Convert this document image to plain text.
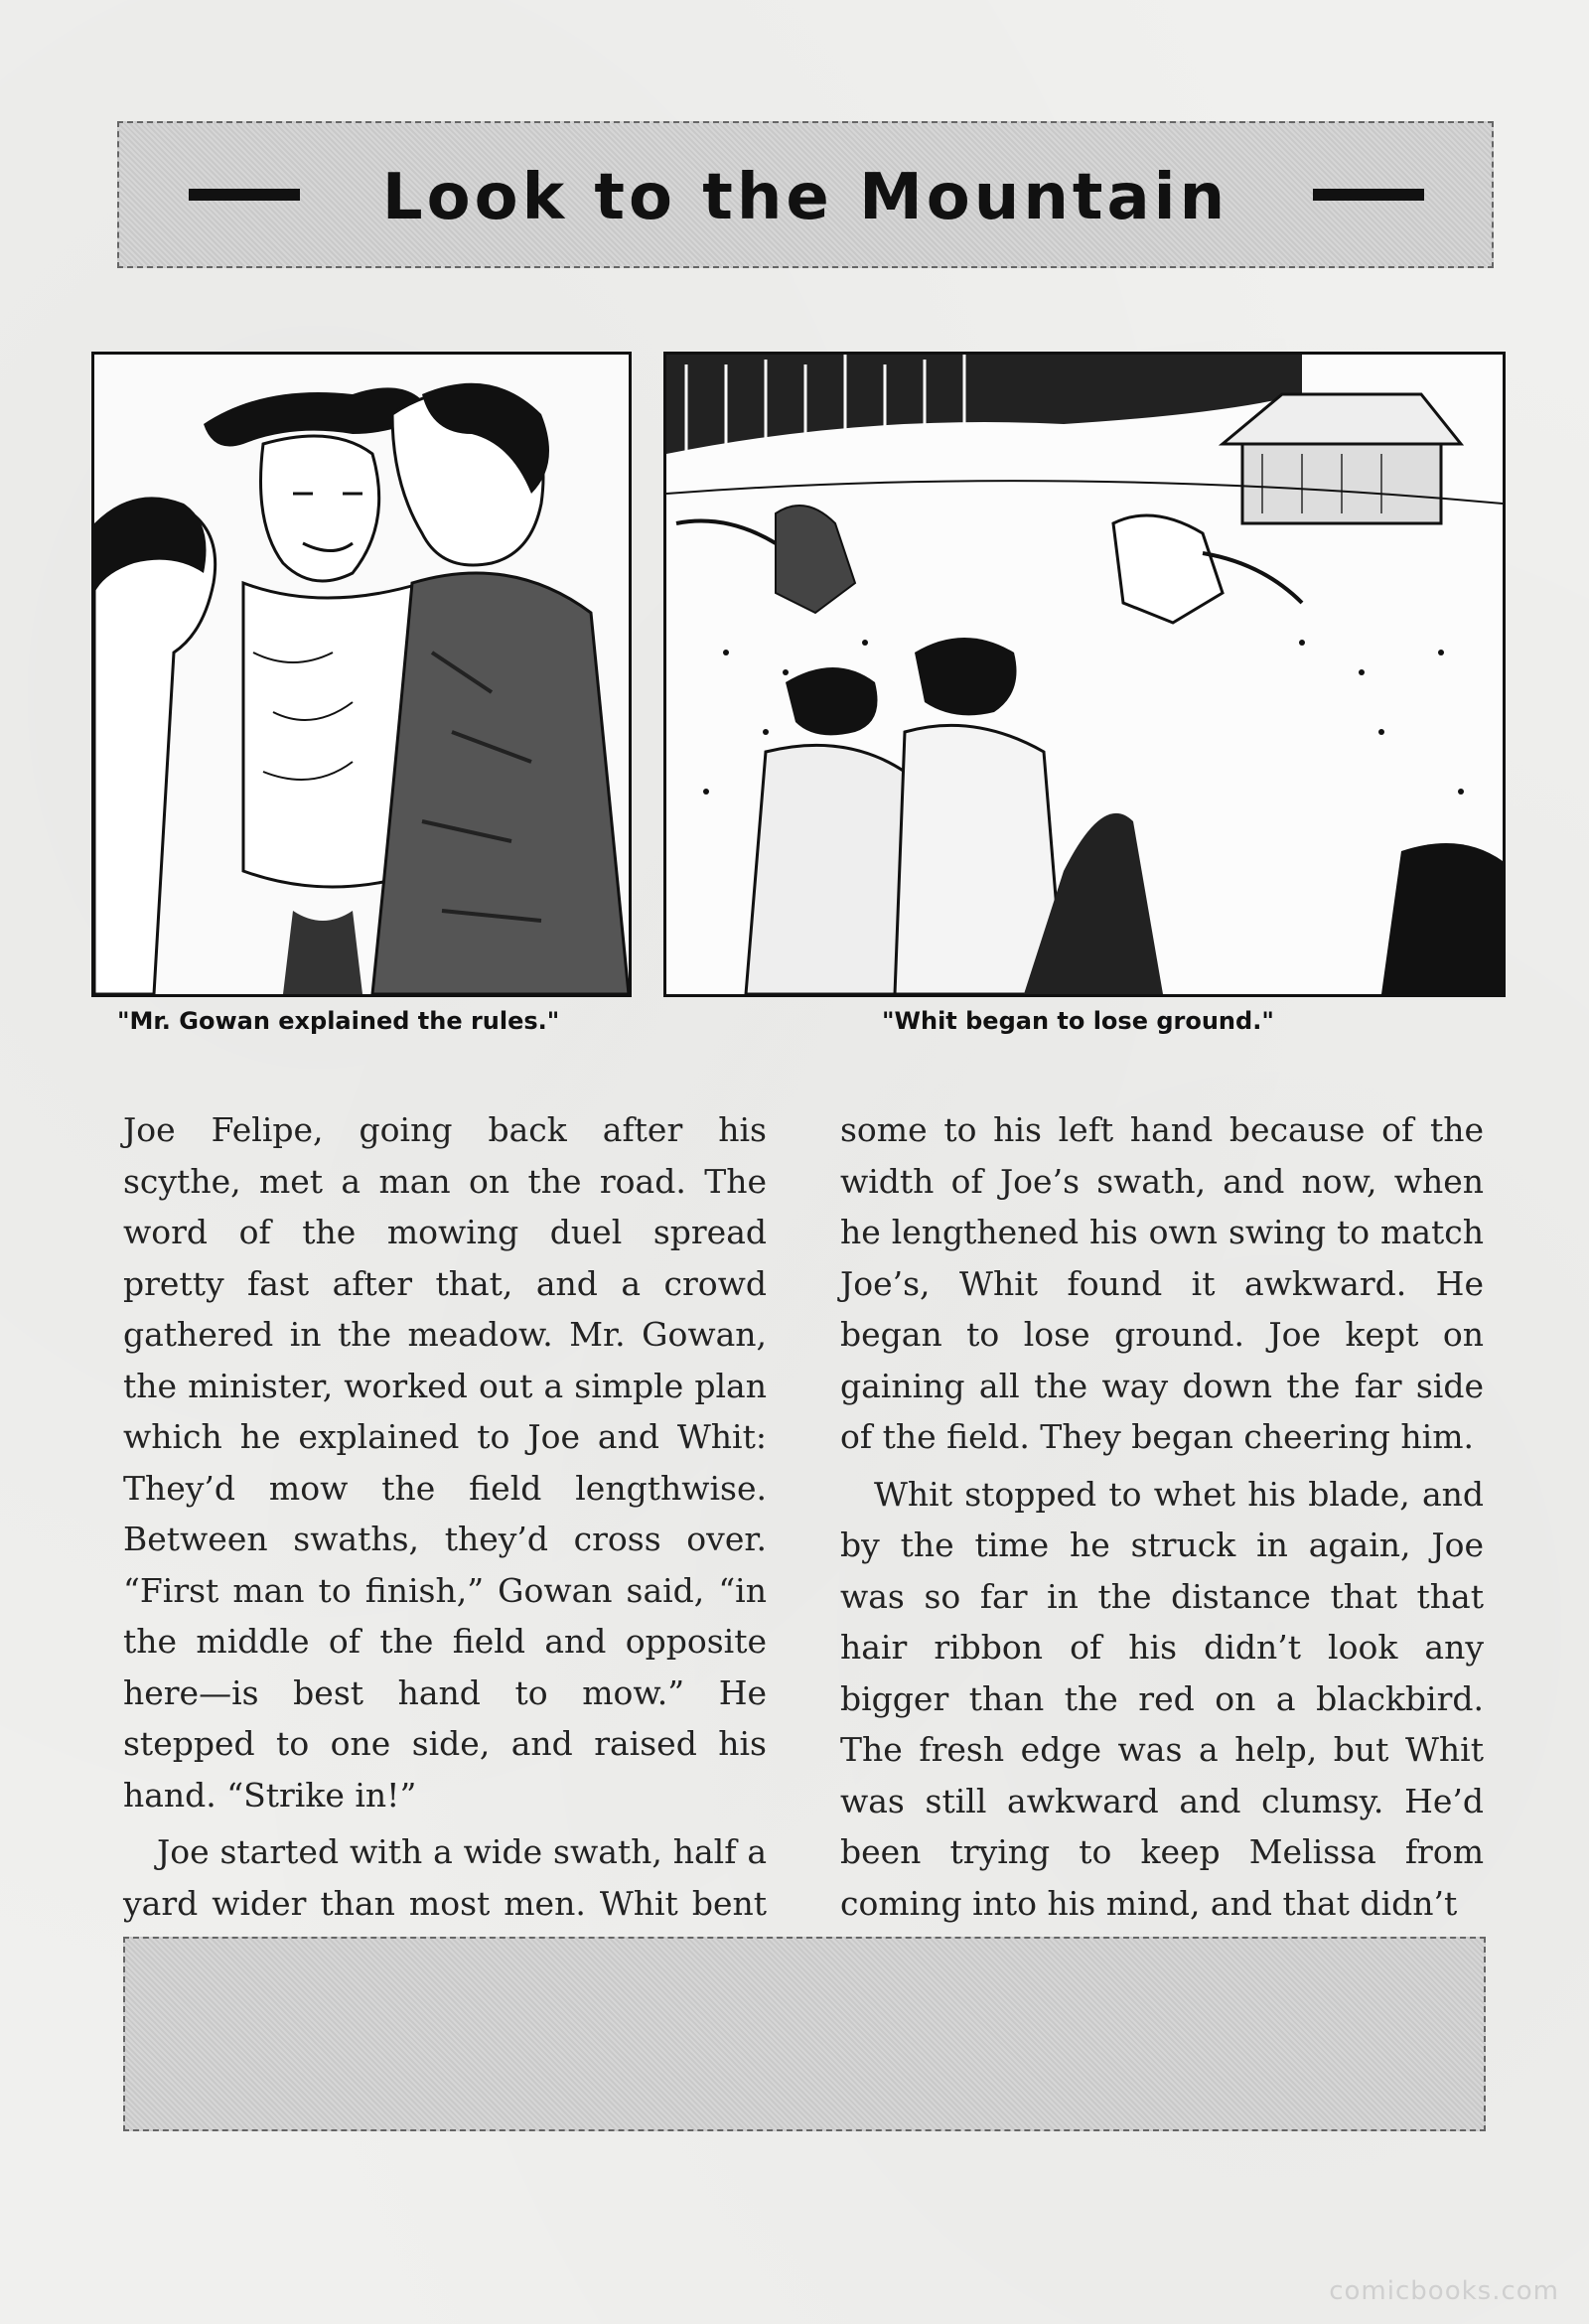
Look to the Mountain
"Mr. Gowan explained the rules."	"Whit began to lose ground."

Joe Felipe, going back after his scythe, met a man on the road. The word of the mowing duel spread pretty fast after that, and a crowd gathered in the meadow. Mr. Gowan, the minister, worked out a simple plan which he explained to Joe and Whit: They’d mow the field lengthwise. Between swaths, they’d cross over. “First man to finish,” Gowan said, “in the middle of the field and opposite here—is best hand to mow.” He stepped to one side, and raised his hand. “Strike in!”

Joe started with a wide swath, half a yard wider than most men. Whit bent

some to his left hand because of the width of Joe’s swath, and now, when he lengthened his own swing to match Joe’s, Whit found it awkward. He began to lose ground. Joe kept on gaining all the way down the far side of the field. They began cheering him.

Whit stopped to whet his blade, and by the time he struck in again, Joe was so far in the distance that that hair ribbon of his didn’t look any bigger than the red on a blackbird. The fresh edge was a help, but Whit was still awkward and clumsy. He’d been trying to keep Melissa from coming into his mind, and that didn’t

comicbooks.com
